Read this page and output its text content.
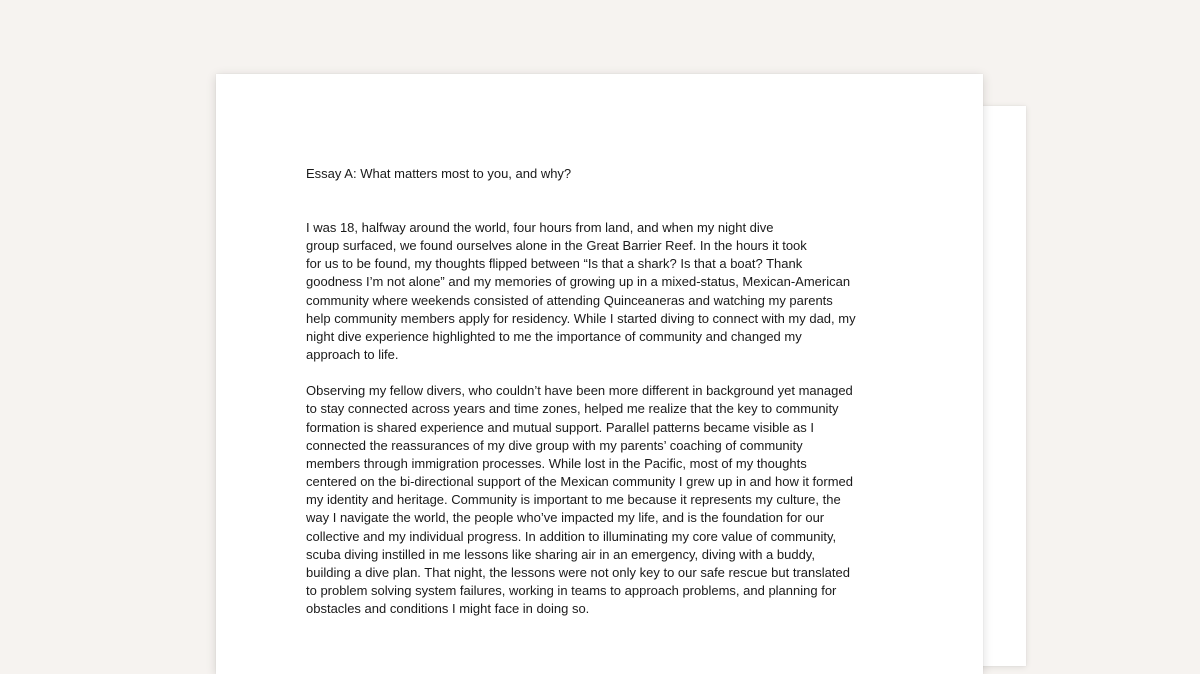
Essay A: What matters most to you, and why?

I was 18, halfway around the world, four hours from land, and when my night dive
group surfaced, we found ourselves alone in the Great Barrier Reef. In the hours it took
for us to be found, my thoughts flipped between “Is that a shark? Is that a boat? Thank
goodness I’m not alone” and my memories of growing up in a mixed-status, Mexican-American
community where weekends consisted of attending Quinceaneras and watching my parents
help community members apply for residency. While I started diving to connect with my dad, my
night dive experience highlighted to me the importance of community and changed my
approach to life.

Observing my fellow divers, who couldn’t have been more different in background yet managed
to stay connected across years and time zones, helped me realize that the key to community
formation is shared experience and mutual support. Parallel patterns became visible as I
connected the reassurances of my dive group with my parents’ coaching of community
members through immigration processes. While lost in the Pacific, most of my thoughts
centered on the bi-directional support of the Mexican community I grew up in and how it formed
my identity and heritage. Community is important to me because it represents my culture, the
way I navigate the world, the people who’ve impacted my life, and is the foundation for our
collective and my individual progress. In addition to illuminating my core value of community,
scuba diving instilled in me lessons like sharing air in an emergency, diving with a buddy,
building a dive plan. That night, the lessons were not only key to our safe rescue but translated
to problem solving system failures, working in teams to approach problems, and planning for
obstacles and conditions I might face in doing so.
